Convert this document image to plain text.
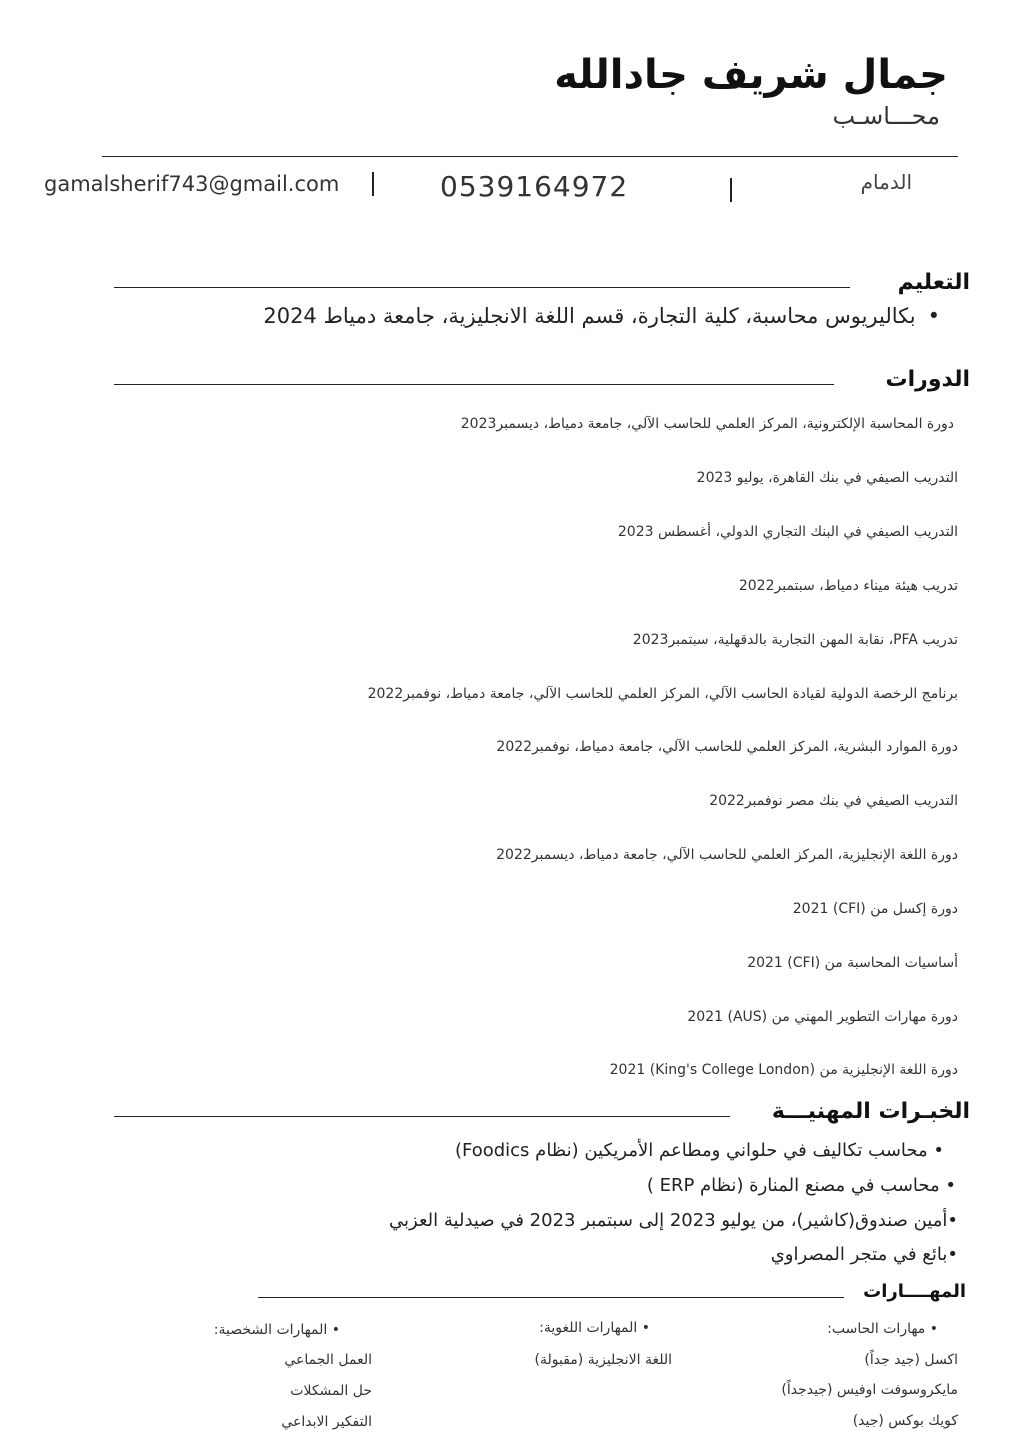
جمال شريف جادالله
محـــاسـب
الدمام
0539164972
gamalsherif743@gmail.com
التعليم
•بكاليريوس محاسبة، كلية التجارة، قسم اللغة الانجليزية، جامعة دمياط 2024
الدورات
دورة المحاسبة الإلكترونية، المركز العلمي للحاسب الآلي، جامعة دمياط، ديسمبر2023
التدريب الصيفي في بنك القاهرة، يوليو 2023
التدريب الصيفي في البنك التجاري الدولي، أغسطس 2023
تدريب هيئة ميناء دمياط، سبتمبر2022
تدريب PFA، نقابة المهن التجارية بالدقهلية، سبتمبر2023
برنامج الرخصة الدولية لقيادة الحاسب الآلي، المركز العلمي للحاسب الآلي، جامعة دمياط، نوفمبر2022
دورة الموارد البشرية، المركز العلمي للحاسب الآلي، جامعة دمياط، نوفمبر2022
التدريب الصيفي في بنك مصر نوفمبر2022
دورة اللغة الإنجليزية، المركز العلمي للحاسب الآلي، جامعة دمياط، ديسمبر2022
دورة إكسل من (CFI) 2021
أساسيات المحاسبة من (CFI) 2021
دورة مهارات التطوير المهني من (AUS) 2021
دورة اللغة الإنجليزية من (King's College London) 2021
الخبـرات المهنيـــة
• محاسب تكاليف في حلواني ومطاعم الأمريكين (نظام Foodics)
• محاسب في مصنع المنارة (نظام ERP )
•أمين صندوق(كاشير)، من يوليو 2023 إلى سبتمبر 2023 في صيدلية العزبي
•بائع في متجر المصراوي
المهــــارات
• مهارات الحاسب:
اكسل (جيد جداً)
مايكروسوفت اوفيس (جيدجداً)
كويك بوكس (جيد)
• المهارات اللغوية:
اللغة الانجليزية (مقبولة)
• المهارات الشخصية:
العمل الجماعي
حل المشكلات
التفكير الابداعي
